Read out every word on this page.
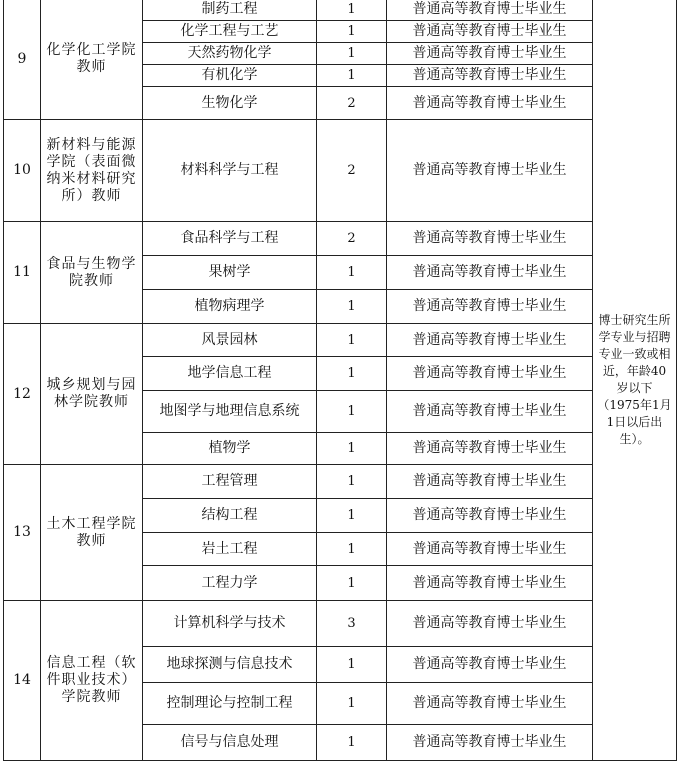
9	化学化工学院教师	制药工程	1	普通高等教育博士毕业生	博士研究生所学专业与招聘专业一致或相近，年龄40岁以下（1975年1月1日以后出生）。
		化学工程与工艺	1	普通高等教育博士毕业生	
		天然药物化学	1	普通高等教育博士毕业生	
		有机化学	1	普通高等教育博士毕业生	
		生物化学	2	普通高等教育博士毕业生	
10	新材料与能源学院（表面微纳米材料研究所）教师	材料科学与工程	2	普通高等教育博士毕业生	
11	食品与生物学院教师	食品科学与工程	2	普通高等教育博士毕业生	
		果树学	1	普通高等教育博士毕业生	
		植物病理学	1	普通高等教育博士毕业生	
12	城乡规划与园林学院教师	风景园林	1	普通高等教育博士毕业生	
		地学信息工程	1	普通高等教育博士毕业生	
		地图学与地理信息系统	1	普通高等教育博士毕业生	
		植物学	1	普通高等教育博士毕业生	
13	土木工程学院教师	工程管理	1	普通高等教育博士毕业生	
		结构工程	1	普通高等教育博士毕业生	
		岩土工程	1	普通高等教育博士毕业生	
		工程力学	1	普通高等教育博士毕业生	
14	信息工程（软件职业技术）学院教师	计算机科学与技术	3	普通高等教育博士毕业生	
		地球探测与信息技术	1	普通高等教育博士毕业生	
		控制理论与控制工程	1	普通高等教育博士毕业生	
		信号与信息处理	1	普通高等教育博士毕业生	
